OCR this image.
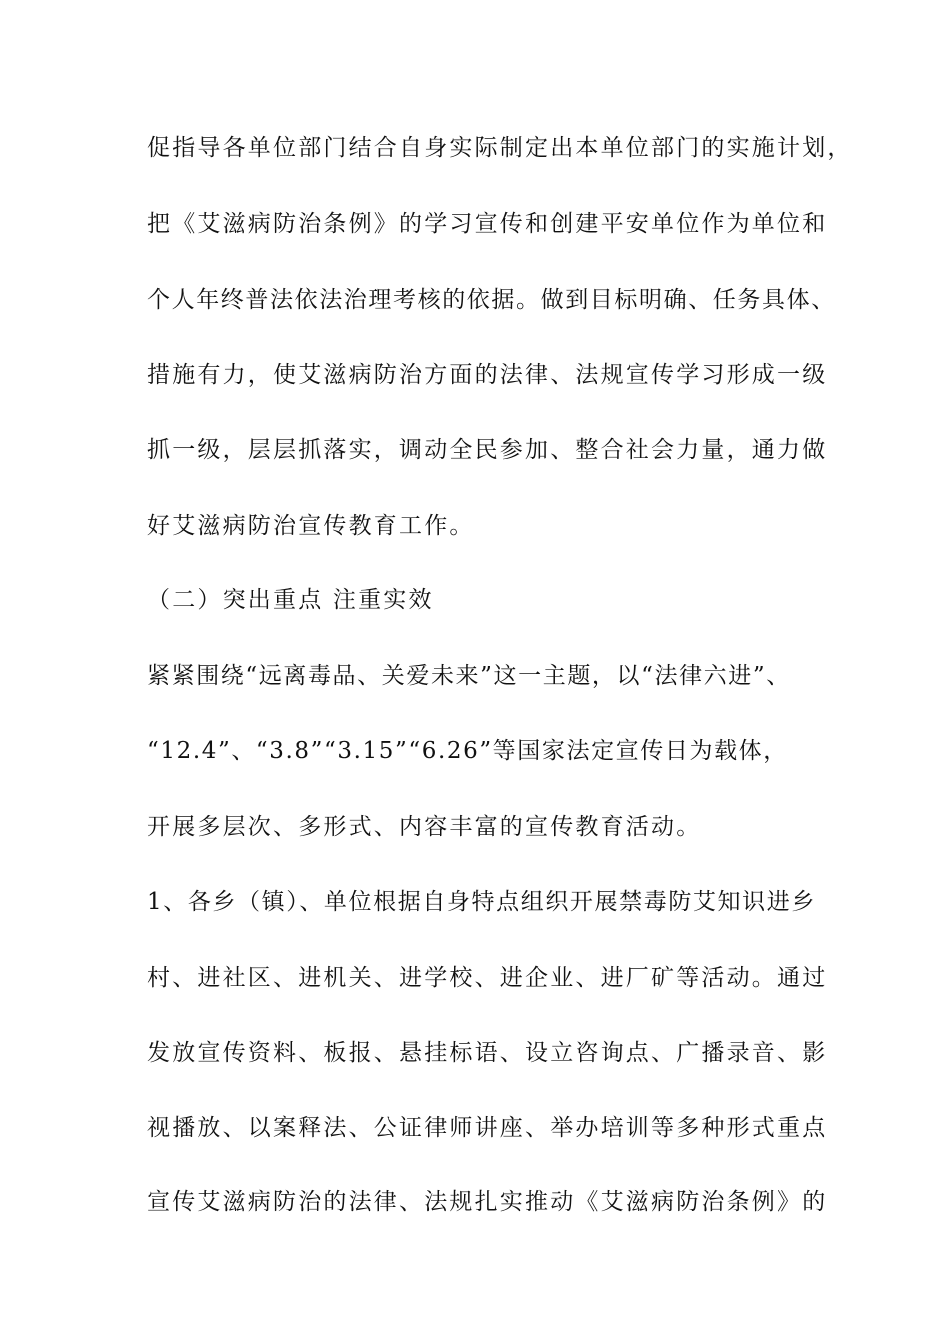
促指导各单位部门结合自身实际制定出本单位部门的实施计划，
把《艾滋病防治条例》的学习宣传和创建平安单位作为单位和
个人年终普法依法治理考核的依据。做到目标明确、任务具体、
措施有力，使艾滋病防治方面的法律、法规宣传学习形成一级
抓一级，层层抓落实，调动全民参加、整合社会力量，通力做
好艾滋病防治宣传教育工作。
（二）突出重点 注重实效
紧紧围绕“远离毒品、关爱未来”这一主题，以“法律六进”、
“12.4”、“3.8”“3.15”“6.26”等国家法定宣传日为载体，
开展多层次、多形式、内容丰富的宣传教育活动。
1、各乡（镇）、单位根据自身特点组织开展禁毒防艾知识进乡
村、进社区、进机关、进学校、进企业、进厂矿等活动。通过
发放宣传资料、板报、悬挂标语、设立咨询点、广播录音、影
视播放、以案释法、公证律师讲座、举办培训等多种形式重点
宣传艾滋病防治的法律、法规扎实推动《艾滋病防治条例》的
